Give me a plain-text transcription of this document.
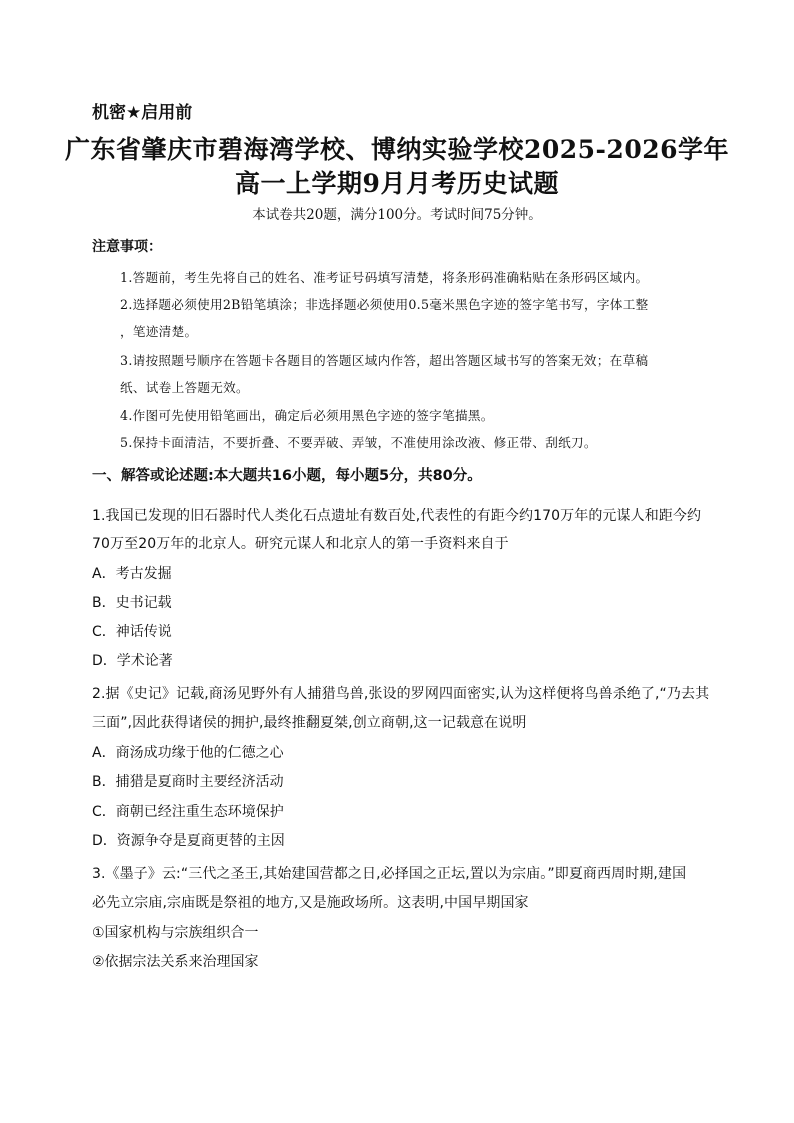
机密★启用前
广东省肇庆市碧海湾学校、博纳实验学校2025-2026学年
高一上学期9月月考历史试题
本试卷共20题，满分100分。考试时间75分钟。
注意事项：
1.答题前，考生先将自己的姓名、准考证号码填写清楚，将条形码准确粘贴在条形码区域内。
2.选择题必须使用2B铅笔填涂；非选择题必须使用0.5毫米黑色字迹的签字笔书写，字体工整
，笔迹清楚。
3.请按照题号顺序在答题卡各题目的答题区域内作答，超出答题区域书写的答案无效；在草稿
纸、试卷上答题无效。
4.作图可先使用铅笔画出，确定后必须用黑色字迹的签字笔描黑。
5.保持卡面清洁，不要折叠、不要弄破、弄皱，不准使用涂改液、修正带、刮纸刀。
一、解答或论述题:本大题共16小题，每小题5分，共80分。
1.我国已发现的旧石器时代人类化石点遗址有数百处,代表性的有距今约170万年的元谋人和距今约
70万至20万年的北京人。研究元谋人和北京人的第一手资料来自于
A．考古发掘
B．史书记载
C．神话传说
D．学术论著
2.据《史记》记载,商汤见野外有人捕猎鸟兽,张设的罗网四面密实,认为这样便将鸟兽杀绝了,“乃去其
三面”,因此获得诸侯的拥护,最终推翻夏桀,创立商朝,这一记载意在说明
A．商汤成功缘于他的仁德之心
B．捕猎是夏商时主要经济活动
C．商朝已经注重生态环境保护
D．资源争夺是夏商更替的主因
3.《墨子》云:“三代之圣王,其始建国营都之日,必择国之正坛,置以为宗庙。”即夏商西周时期,建国
必先立宗庙,宗庙既是祭祖的地方,又是施政场所。这表明,中国早期国家
①国家机构与宗族组织合一
②依据宗法关系来治理国家
